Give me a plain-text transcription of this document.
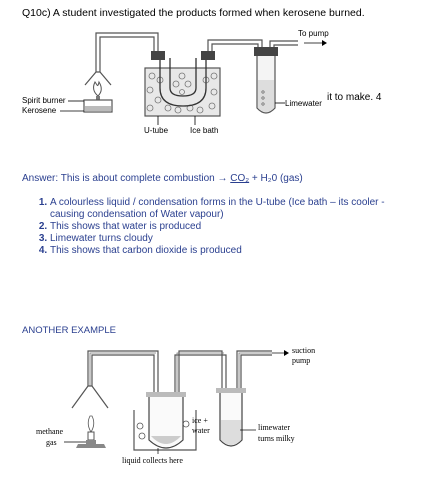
Q10c) A student investigated the products formed when kerosene burned.
To pump
Spirit burner
Kerosene
U-tube	Ice bath
Limewater
it to make. 4
Answer: This is about complete combustion → CO₂ + H₂0 (gas)
1. A colourless liquid / condensation forms in the U-tube (Ice bath – its cooler -causing condensation of Water vapour)
2. This shows that water is produced
3. Limewater turns cloudy
4. This shows that carbon dioxide is produced
ANOTHER EXAMPLE
suction
pump
ice +
water
methane
gas
limewater
turns milky
liquid collects here
